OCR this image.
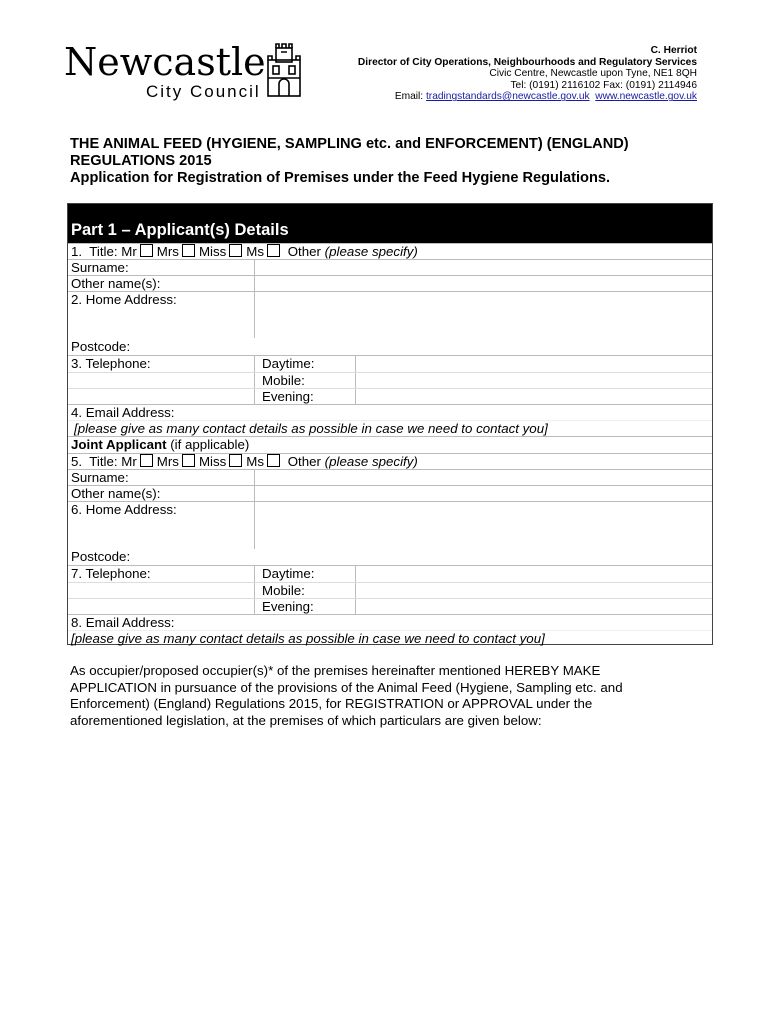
Newcastle
City Council
C. Herriot
Director of City Operations, Neighbourhoods and Regulatory Services
Civic Centre, Newcastle upon Tyne, NE1 8QH
Tel: (0191) 2116102 Fax: (0191) 2114946
Email: tradingstandards@newcastle.gov.uk www.newcastle.gov.uk
THE ANIMAL FEED (HYGIENE, SAMPLING etc. and ENFORCEMENT) (ENGLAND)
REGULATIONS 2015
Application for Registration of Premises under the Feed Hygiene Regulations.
Part 1 – Applicant(s) Details
1. Title: Mr Mrs Miss Ms Other (please specify)
Surname:
Other name(s):
2. Home Address:
Postcode:
3. Telephone:	Daytime:
Mobile:
Evening:
4. Email Address:
[please give as many contact details as possible in case we need to contact you]
Joint Applicant (if applicable)
5. Title: Mr Mrs Miss Ms Other (please specify)
Surname:
Other name(s):
6. Home Address:
Postcode:
7. Telephone:	Daytime:
Mobile:
Evening:
8. Email Address:
[please give as many contact details as possible in case we need to contact you]
As occupier/proposed occupier(s)* of the premises hereinafter mentioned HEREBY MAKE
APPLICATION in pursuance of the provisions of the Animal Feed (Hygiene, Sampling etc. and
Enforcement) (England) Regulations 2015, for REGISTRATION or APPROVAL under the
aforementioned legislation, at the premises of which particulars are given below:
